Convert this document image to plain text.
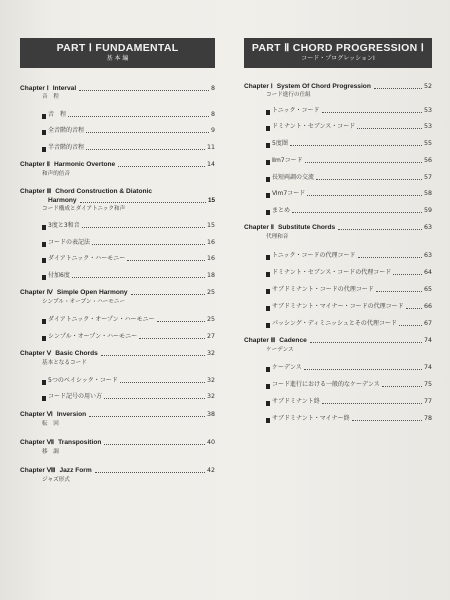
PART Ⅰ FUNDAMENTAL
基 本 編
Chapter Ⅰ Interval	8
音　程
音　程	8
全音階的音程	9
半音階的音程	11
Chapter Ⅱ Harmonic Overtone	14
和声的倍音
Chapter Ⅲ Chord Construction & Diatonic
Harmony	15
コード構成とダイアトニック和声
3度と3和音	15
コードの表記法	16
ダイアトニック・ハーモニー	16
付加6度	18
Chapter Ⅳ Simple Open Harmony	25
シンプル・オープン・ハーモニー
ダイアトニック・オープン・ハーモニー	25
シンプル・オープン・ハーモニー	27
Chapter Ⅴ Basic Chords	32
基本となるコード
5つのベイシック・コード	32
コード記号の用い方	32
Chapter Ⅵ Inversion	38
転　回
Chapter Ⅶ Transposition	40
移　調
Chapter Ⅷ Jazz Form	42
ジャズ形式
PART Ⅱ CHORD PROGRESSION Ⅰ
コード・プログレッションⅠ
Chapter Ⅰ System Of Chord Progression	52
コード進行の仕組
トニック・コード	53
ドミナント・セブンス・コード	53
5度圏	55
Ⅱm7コード	56
長短両調の交流	57
Ⅵm7コード	58
まとめ	59
Chapter Ⅱ Substitute Chords	63
代理和音
トニック・コードの代理コード	63
ドミナント・セブンス・コードの代理コード	64
サブドミナント・コードの代理コード	65
サブドミナント・マイナー・コードの代理コード	66
パッシング・ディミニッシュとその代理コード	67
Chapter Ⅲ Cadence	74
ケーデンス
ケーデンス	74
コード進行における一般的なケーデンス	75
サブドミナント終	77
サブドミナント・マイナー終	78
